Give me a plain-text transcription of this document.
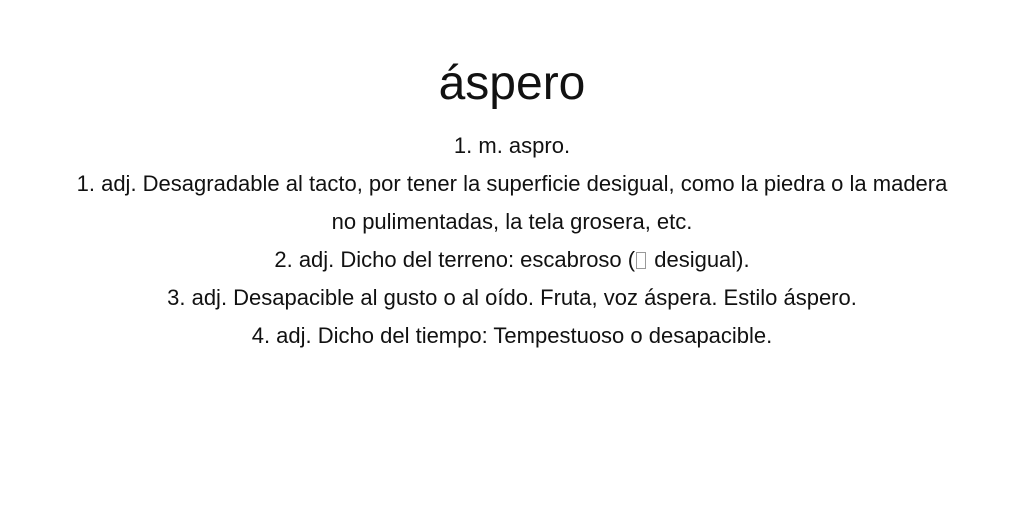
áspero
1. m. aspro.
1. adj. Desagradable al tacto, por tener la superficie desigual, como la piedra o la madera no pulimentadas, la tela grosera, etc.
2. adj. Dicho del terreno: escabroso ( desigual).
3. adj. Desapacible al gusto o al oído. Fruta, voz áspera. Estilo áspero.
4. adj. Dicho del tiempo: Tempestuoso o desapacible.
